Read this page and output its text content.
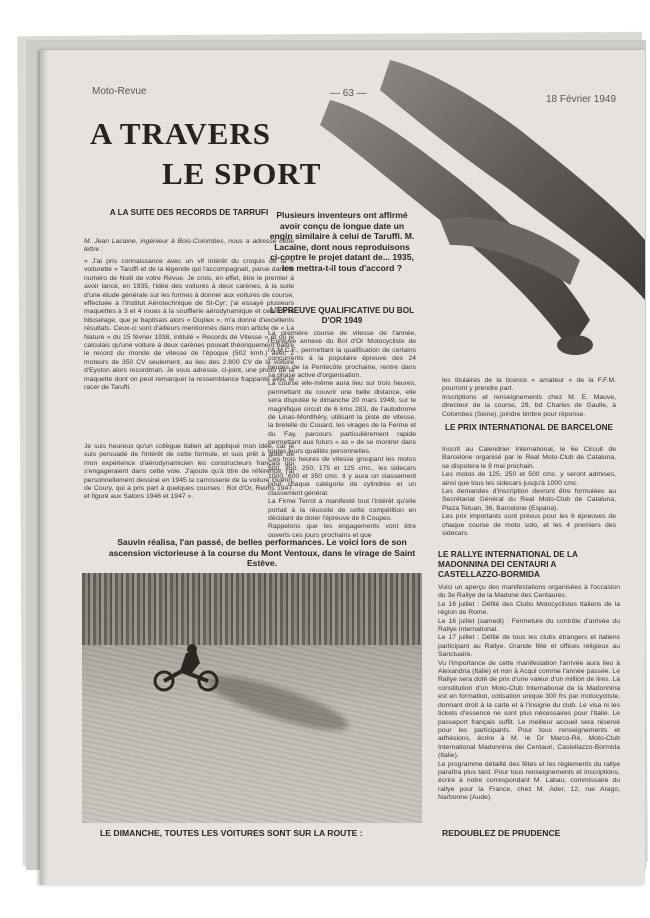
Moto-Revue	— 63 —
18 Février 1949
A TRAVERS
LE SPORT
A LA SUITE DES RECORDS DE TARRUFI
M. Jean Lacaine, ingénieur à Bois-Colombes, nous a adressé cette lettre :
« J'ai pris connaissance avec un vif intérêt du croquis de la « voiturette » Taruffi et de la légende qui l'accompagnait, parue dans le numéro de Noël de votre Revue. Je crois, en effet, être le premier à avoir lancé, en 1935, l'idée des voitures à deux carènes, à la suite d'une étude générale sur les formes à donner aux voitures de course, effectuée à l'Institut Aérotechnique de St-Cyr; j'ai essayé plusieurs maquettes à 3 et 4 roues à la soufflerie aérodynamique et celle de la bituselage, que je baptisais alors « Duplex », m'a donné d'excellents résultats. Ceux-ci sont d'ailleurs mentionnés dans mon article de « La Nature » du 15 février 1938, intitulé « Records de Vitesse » et où je calculais qu'une voiture à deux carènes pouvait théoriquement battre le record du monde de vitesse de l'époque (502 kmh.) avec 2 moteurs de 350 CV seulement, au lieu des 2.800 CV de la voiture d'Eyston alors recordman. Je vous adresse, ci-joint, une photo de la maquette dont on peut remarquer la ressemblance frappante avec le racer de Tarufti.
Je suis heureux qu'un collègue italien ait appliqué mon idée, car je suis persuadé de l'intérêt de cette formule, et suis prêt à aider de mon expérience d'aérodynamicien les constructeurs français qui s'engageraient dans cette voie. J'ajoute qu'à titre de référence, j'ai personnellement dessiné en 1945 la carrosserie de la voiture Guérin, de Coury, qui a pris part à quelques courses : Bol d'Or, Reims 1947, et figuré aux Salons 1946 et 1947 ».
Plusieurs inventeurs ont affirmé avoir conçu de longue date un engin similaire à celui de Taruffi. M. Lacaine, dont nous reproduisons ci-contre le projet datant de... 1935, les mettra-t-il tous d'accord ?
L'EPREUVE QUALIFICATIVE DU BOL D'OR 1949
La première course de vitesse de l'année, l'Epreuve annexe du Bol d'Or Motocycliste de l'A.M.C.F., permettant la qualification de certains concurrents à la populaire épreuve des 24 heures de la Pentecôte prochaine, rentre dans sa phase active d'organisation.
La course elle-même aura lieu sur trois heures, permettant de couvrir une belle distance, elle sera disputée le dimanche 20 mars 1949, sur le magnifique circuit de 6 kms 283, de l'autodrome de Linas-Montlhéry, utilisant la piste de vitesse, la bretelle du Couard, les virages de la Ferme et du Fay, parcours particulièrement rapide permettant aux futurs « as » de se montrer dans toutes leurs qualités personnelles.
Ces trois heures de vitesse groupant les motos 500, 350, 250, 175 et 125 cmc., les sidecars 1000, 600 et 350 cmc. Il y aura un classement pour chaque catégorie de cylindrée et un classement général.
La Firme Terrot a manifesté tout l'intérêt qu'elle portait à la réussite de cette compétition en décidant de doter l'épreuve de 8 Coupes.
Rappelons que les engagements vont être ouverts ces jours prochains et que
les titulaires de la licence « amateur » de la F.F.M. pourront y prendre part.
Inscriptions et renseignements chez M. E. Mauve, directeur de la course, 29, bd Charles de Gaulle, à Colombes (Seine), joindre timbre pour réponse.
LE PRIX INTERNATIONAL DE BARCELONE
Inscrit au Calendrier International, le 6e Circuit de Barcelone organisé par le Real Moto-Club de Cataluna, se disputera le 8 mai prochain.
Les motos de 125, 250 et 500 cmc. y seront admises, ainsi que tous les sidecars jusqu'à 1000 cmc.
Les demandes d'inscription devront être formulées au Secrétariat Général du Real Moto-Club de Cataluna, Plaza Tetuan, 36, Barcelone (Espana).
Les prix importants sont prévus pour les 6 épreuves de chaque course de moto solo, et les 4 premiers des sidecars.
LE RALLYE INTERNATIONAL DE LA MADONNINA DEI CENTAURI A CASTELLAZZO-BORMIDA
Voici un aperçu des manifestations organisées à l'occasion du 3e Rallye de la Madone des Centaures.
Le 16 juillet : Défilé des Clubs Motocyclistes Italiens de la région de Rome.
Le 16 juillet (samedi) : Fermeture du contrôle d'arrivée du Rallye International.
Le 17 juillet : Défilé de tous les clubs étrangers et italiens participant au Rallye. Grande fête et offices religieux au Sanctuaire.
Vu l'importance de cette manifestation l'arrivée aura lieu à Alexandria (Italie) et non à Acqui comme l'année passée. Le Rallye sera doté de prix d'une valeur d'un million de lires. La constitution d'un Moto-Club International de la Madonnina est en formation, cotisation unique 300 frs par motocycliste, donnant droit à la carte et à l'insigne du club. Le visa ni les tickets d'essence ne sont plus nécessaires pour l'Italie. Le passeport français suffit. Le meilleur accueil sera réservé pour les participants. Pour tous renseignements et adhésions, écrire à M. le Dr Marco-Rè, Moto-Club International Madonnina dei Centauri, Castellazzo-Bormida (Italie).
Le programme détaillé des fêtes et les règlements du rallye paraîtra plus tard. Pour tous renseignements et inscriptions, écrire à notre correspondant M. Labau, commissaire du rallye pour la France, chez M. Ader, 12, rue Arago, Narbonne (Aude).
Sauvin réalisa, l'an passé, de belles performances. Le voici lors de son ascension victorieuse à la course du Mont Ventoux, dans le virage de Saint Estève.
LE DIMANCHE, TOUTES LES VOITURES SONT SUR LA ROUTE :	REDOUBLEZ DE PRUDENCE
